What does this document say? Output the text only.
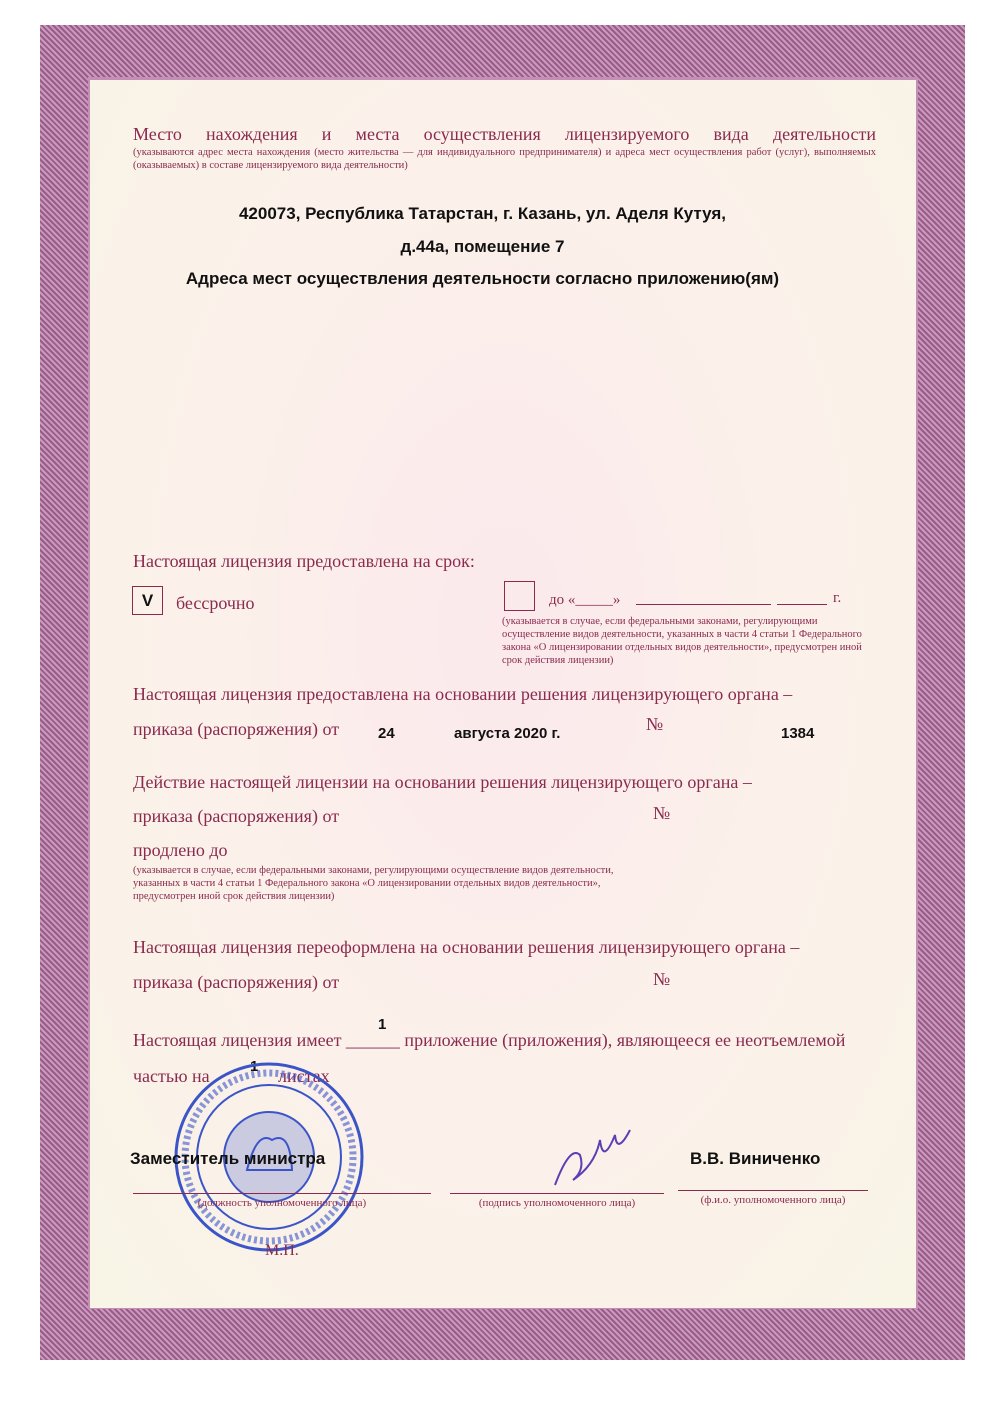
Место нахождения и места осуществления лицензируемого вида деятельности
(указываются адрес места нахождения (место жительства — для индивидуального предпринимателя) и адреса мест осуществления работ (услуг), выполняемых (оказываемых) в составе лицензируемого вида деятельности)
420073, Республика Татарстан, г. Казань, ул. Аделя Кутуя,
д.44а, помещение 7
Адреса мест осуществления деятельности согласно приложению(ям)
Настоящая лицензия предоставлена на срок:
V	бессрочно	до «_____»	г.
(указывается в случае, если федеральными законами, регулирующими осуществление видов деятельности, указанных в части 4 статьи 1 Федерального закона «О лицензировании отдельных видов деятельности», предусмотрен иной срок действия лицензии)
Настоящая лицензия предоставлена на основании решения лицензирующего органа –
приказа (распоряжения) от	24	августа 2020 г.	№	1384
Действие настоящей лицензии на основании решения лицензирующего органа –
приказа (распоряжения) от	№
продлено до
(указывается в случае, если федеральными законами, регулирующими осуществление видов деятельности, указанных в части 4 статьи 1 Федерального закона «О лицензировании отдельных видов деятельности», предусмотрен иной срок действия лицензии)
Настоящая лицензия переоформлена на основании решения лицензирующего органа –
приказа (распоряжения) от	№
1
Настоящая лицензия имеет ______ приложение (приложения), являющееся ее неотъемлемой
частью на	1 листах
Заместитель министра
(должность уполномоченного лица)	(подпись уполномоченного лица)
В.В. Виниченко
(ф.и.о. уполномоченного лица)
М.П.
